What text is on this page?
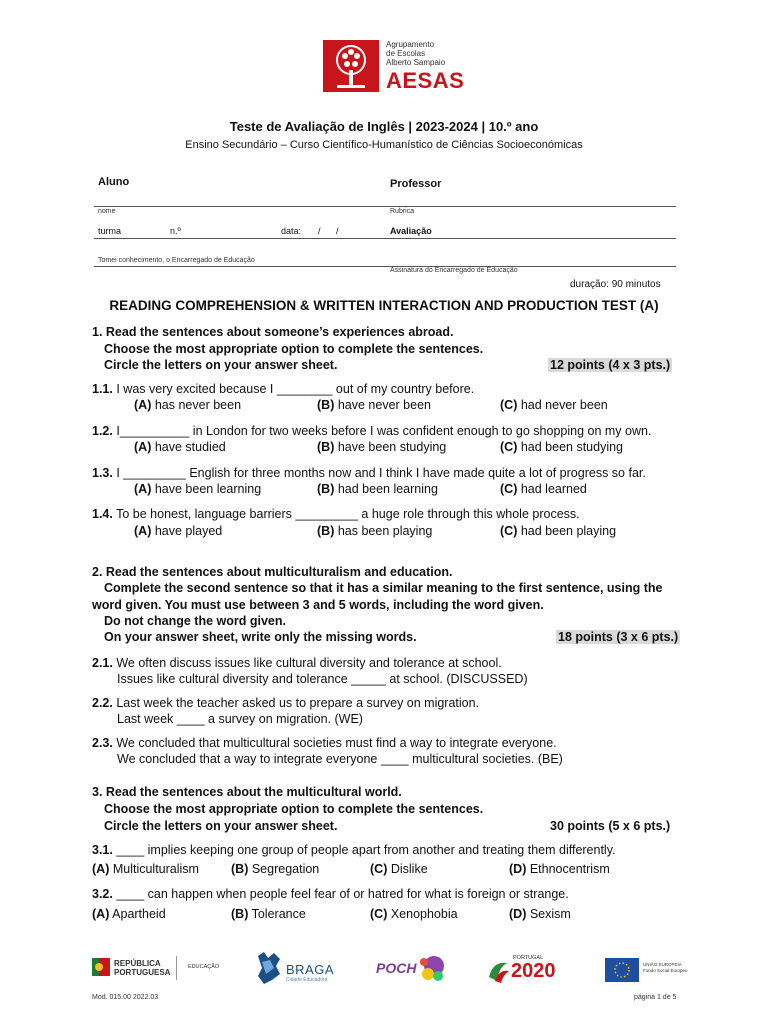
Agrupamento
de Escolas
Alberto Sampaio
AESAS
Teste de Avaliação de Inglês | 2023-2024 | 10.º ano
Ensino Secundário – Curso Científico-Humanístico de Ciências Socioeconómicas
Aluno	Professor
nome	Rubrica
turma	n.º	data: / /	Avaliação
Tomei conhecimento, o Encarregado de Educação
Assinatura do Encarregado de Educação
duração: 90 minutos
READING COMPREHENSION & WRITTEN INTERACTION AND PRODUCTION TEST (A)
1. Read the sentences about someone’s experiences abroad.
Choose the most appropriate option to complete the sentences.
Circle the letters on your answer sheet.	12 points (4 x 3 pts.)
1.1. I was very excited because I ________ out of my country before.
(A) has never been	(B) have never been	(C) had never been
1.2. I__________ in London for two weeks before I was confident enough to go shopping on my own.
(A) have studied	(B) have been studying	(C) had been studying
1.3. I _________ English for three months now and I think I have made quite a lot of progress so far.
(A) have been learning	(B) had been learning	(C) had learned
1.4. To be honest, language barriers _________ a huge role through this whole process.
(A) have played	(B) has been playing	(C) had been playing
2. Read the sentences about multiculturalism and education.
Complete the second sentence so that it has a similar meaning to the first sentence, using the
word given. You must use between 3 and 5 words, including the word given.
Do not change the word given.
On your answer sheet, write only the missing words.	18 points (3 x 6 pts.)
2.1. We often discuss issues like cultural diversity and tolerance at school.
Issues like cultural diversity and tolerance _____ at school. (DISCUSSED)
2.2. Last week the teacher asked us to prepare a survey on migration.
Last week ____ a survey on migration. (WE)
2.3. We concluded that multicultural societies must find a way to integrate everyone.
We concluded that a way to integrate everyone ____ multicultural societies. (BE)
3. Read the sentences about the multicultural world.
Choose the most appropriate option to complete the sentences.
Circle the letters on your answer sheet.	30 points (5 x 6 pts.)
3.1. ____ implies keeping one group of people apart from another and treating them differently.
(A) Multiculturalism	(B) Segregation	(C) Dislike	(D) Ethnocentrism
3.2. ____ can happen when people feel fear of or hatred for what is foreign or strange.
(A) Apartheid	(B) Tolerance	(C) Xenophobia	(D) Sexism
REPÚBLICA
PORTUGUESA
EDUCAÇÃO	BRAGA
Cidade Educadora
POCH
PORTUGAL
2020	UNIÃO EUROPEIA
Fundo Social Europeu
Mod. 015.00 2022.03	página 1 de 5
